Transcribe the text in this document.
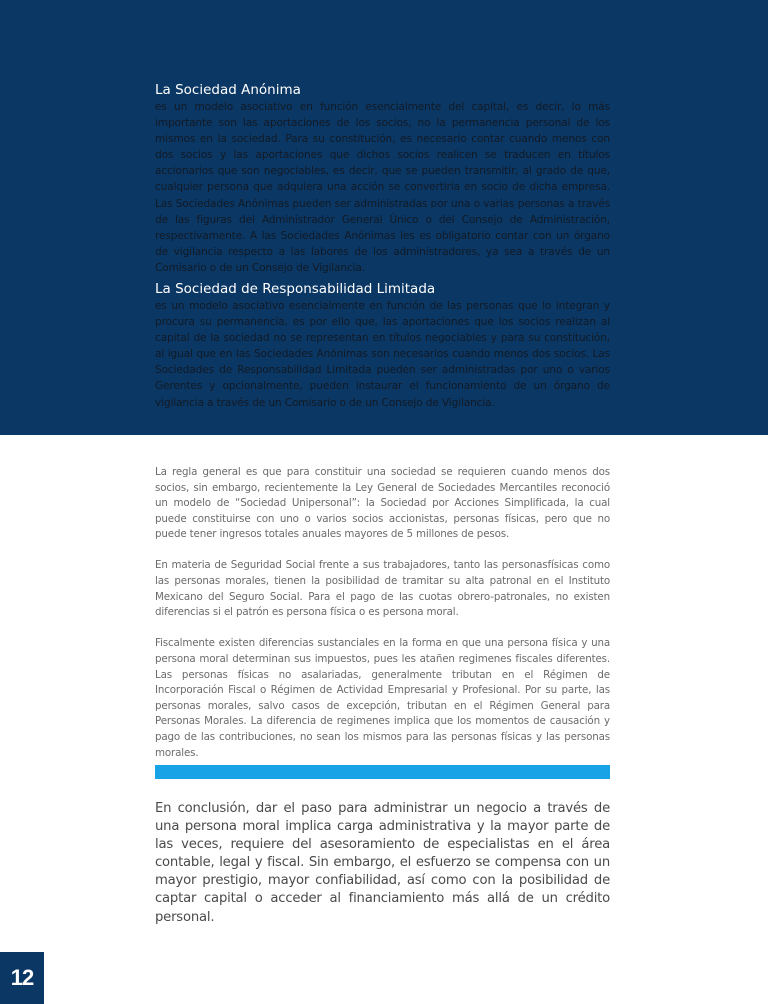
La Sociedad Anónima

es un modelo asociativo en función esencialmente del capital, es decir, lo más importante son las aportaciones de los socios, no la permanencia personal de los mismos en la sociedad. Para su constitución, es necesario contar cuando menos con dos socios y las aportaciones que dichos socios realicen se traducen en títulos accionarios que son negociables, es decir, que se pueden transmitir, al grado de que, cualquier persona que adquiera una acción se convertiría en socio de dicha empresa. Las Sociedades Anónimas pueden ser administradas por una o varias personas a través de las figuras del Administrador General Único o del Consejo de Administración, respectivamente. A las Sociedades Anónimas les es obligatorio contar con un órgano de vigilancia respecto a las labores de los administradores, ya sea a través de un Comisario o de un Consejo de Vigilancia.

La Sociedad de Responsabilidad Limitada

es un modelo asociativo esencialmente en función de las personas que lo integran y procura su permanencia, es por ello que, las aportaciones que los socios realizan al capital de la sociedad no se representan en títulos negociables y para su constitución, al igual que en las Sociedades Anónimas son necesarios cuando menos dos socios. Las Sociedades de Responsabilidad Limitada pueden ser administradas por uno o varios Gerentes y opcionalmente, pueden instaurar el funcionamiento de un órgano de vigilancia a través de un Comisario o de un Consejo de Vigilancia.

La regla general es que para constituir una sociedad se requieren cuando menos dos socios, sin embargo, recientemente la Ley General de Sociedades Mercantiles reconoció un modelo de “Sociedad Unipersonal”: la Sociedad por Acciones Simplificada, la cual puede constituirse con uno o varios socios accionistas, personas físicas, pero que no puede tener ingresos totales anuales mayores de 5 millones de pesos.

En materia de Seguridad Social frente a sus trabajadores, tanto las personasfísicas como las personas morales, tienen la posibilidad de tramitar su alta patronal en el Instituto Mexicano del Seguro Social. Para el pago de las cuotas obrero-patronales, no existen diferencias si el patrón es persona física o es persona moral.

Fiscalmente existen diferencias sustanciales en la forma en que una persona física y una persona moral determinan sus impuestos, pues les atañen regimenes fiscales diferentes. Las personas físicas no asalariadas, generalmente tributan en el Régimen de Incorporación Fiscal o Régimen de Actividad Empresarial y Profesional. Por su parte, las personas morales, salvo casos de excepción, tributan en el Régimen General para Personas Morales. La diferencia de regimenes implica que los momentos de causación y pago de las contribuciones, no sean los mismos para las personas físicas y las personas morales.

En conclusión, dar el paso para administrar un negocio a través de una persona moral implica carga administrativa y la mayor parte de las veces, requiere del asesoramiento de especialistas en el área contable, legal y fiscal. Sin embargo, el esfuerzo se compensa con un mayor prestigio, mayor confiabilidad, así como con la posibilidad de captar capital o acceder al financiamiento más allá de un crédito personal.

12
